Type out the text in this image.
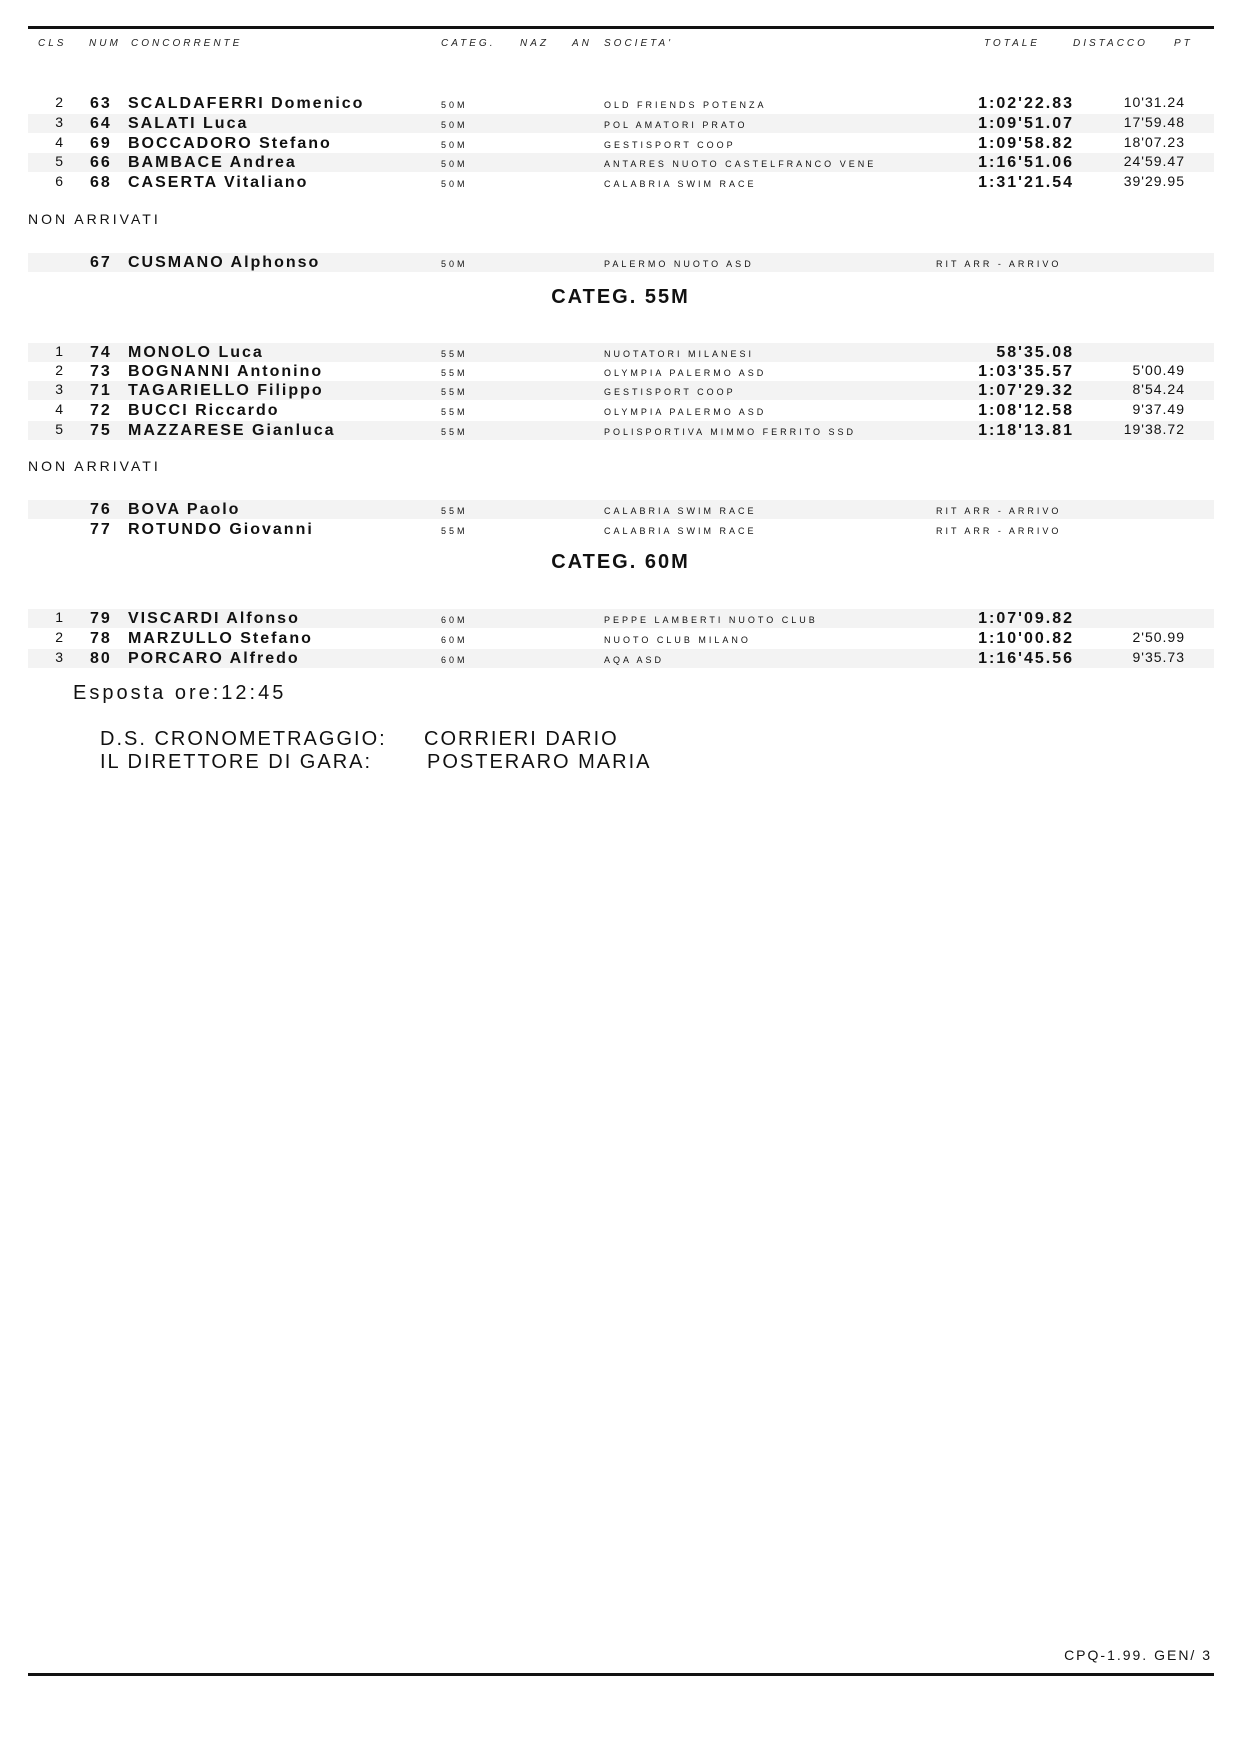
CLS NUM CONCORRENTE	CATEG. NAZ AN SOCIETA'	TOTALE	DISTACCO	PT
2 63 SCALDAFERRI Domenico	50M	OLD FRIENDS POTENZA	1:02'22.83	10'31.24
3 64 SALATI Luca	50M	POL AMATORI PRATO	1:09'51.07	17'59.48
4 69 BOCCADORO Stefano	50M	GESTISPORT COOP	1:09'58.82	18'07.23
5 66 BAMBACE Andrea	50M	ANTARES NUOTO CASTELFRANCO VENE	1:16'51.06	24'59.47
6 68 CASERTA Vitaliano	50M	CALABRIA SWIM RACE	1:31'21.54	39'29.95
NON ARRIVATI
67 CUSMANO Alphonso	50M	PALERMO NUOTO ASD	RIT ARR - ARRIVO
CATEG. 55M
1 74 MONOLO Luca	55M	NUOTATORI MILANESI	58'35.08
2 73 BOGNANNI Antonino	55M	OLYMPIA PALERMO ASD	1:03'35.57	5'00.49
3 71 TAGARIELLO Filippo	55M	GESTISPORT COOP	1:07'29.32	8'54.24
4 72 BUCCI Riccardo	55M	OLYMPIA PALERMO ASD	1:08'12.58	9'37.49
5 75 MAZZARESE Gianluca	55M	POLISPORTIVA MIMMO FERRITO SSD	1:18'13.81	19'38.72
NON ARRIVATI
76 BOVA Paolo	55M	CALABRIA SWIM RACE	RIT ARR - ARRIVO
77 ROTUNDO Giovanni	55M	CALABRIA SWIM RACE	RIT ARR - ARRIVO
CATEG. 60M
1 79 VISCARDI Alfonso	60M	PEPPE LAMBERTI NUOTO CLUB	1:07'09.82
2 78 MARZULLO Stefano	60M	NUOTO CLUB MILANO	1:10'00.82	2'50.99
3 80 PORCARO Alfredo	60M	AQA ASD	1:16'45.56	9'35.73
Esposta ore:12:45
D.S. CRONOMETRAGGIO: CORRIERI DARIO
IL DIRETTORE DI GARA:	POSTERARO MARIA
CPQ-1.99. GEN/ 3
